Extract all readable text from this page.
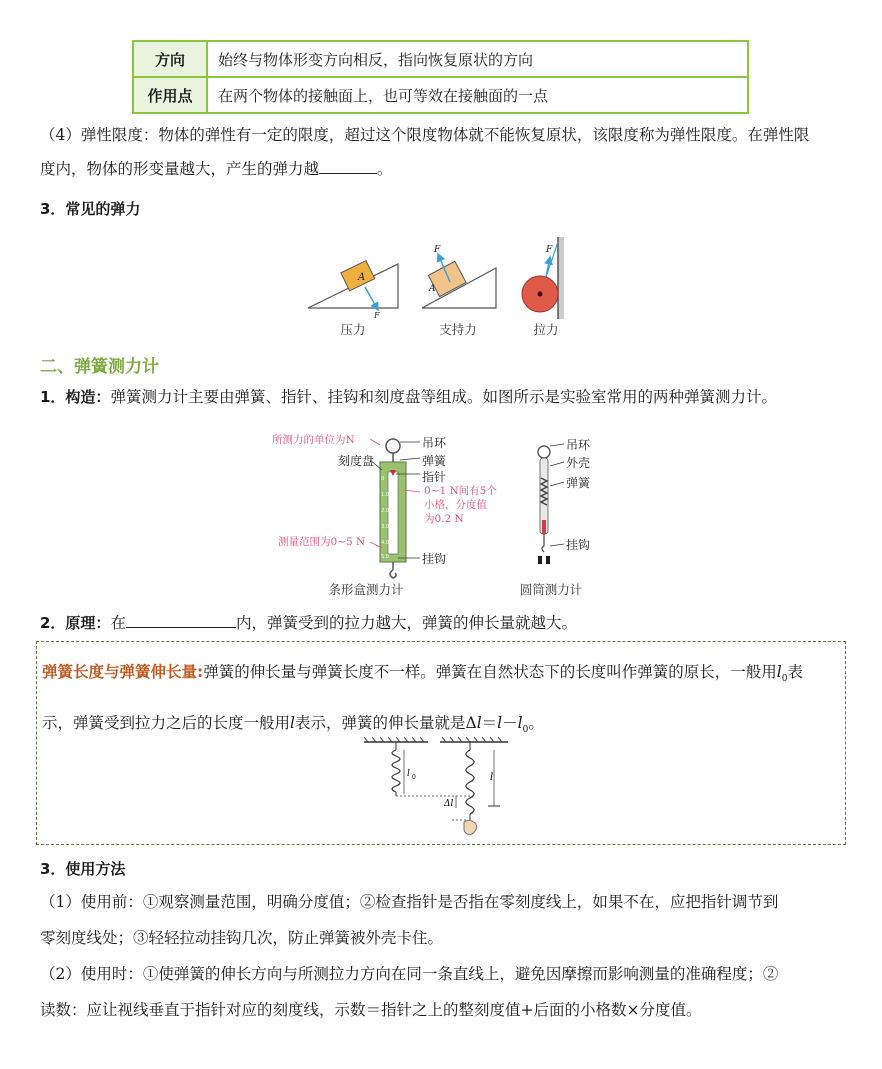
方向	始终与物体形变方向相反，指向恢复原状的方向
作用点	在两个物体的接触面上，也可等效在接触面的一点
（4）弹性限度：物体的弹性有一定的限度，超过这个限度物体就不能恢复原状，该限度称为弹性限度。在弹性限
度内，物体的形变量越大，产生的弹力越	。
3．常见的弹力
A
F
F
A
F
压力	支持力	拉力
二、弹簧测力计
1．构造：弹簧测力计主要由弹簧、指针、挂钩和刻度盘等组成。如图所示是实验室常用的两种弹簧测力计。
0
1.0
2.0
3.0
4.0
5.0
所测力的单位为N
刻度盘
吊环
弹簧
指针
0~1 N间有5个
小格，分度值
为0.2 N
测量范围为0~5 N
挂钩
条形盒测力计
吊环
外壳
弹簧
挂钩
圆筒测力计
2．原理：在	内，弹簧受到的拉力越大，弹簧的伸长量就越大。
弹簧长度与弹簧伸长量:弹簧的伸长量与弹簧长度不一样。弹簧在自然状态下的长度叫作弹簧的原长，一般用$l_0$表
示，弹簧受到拉力之后的长度一般用l表示，弹簧的伸长量就是$\Delta l=l-l_0$。
l 0	l
Δl
3．使用方法
（1）使用前：①观察测量范围，明确分度值；②检查指针是否指在零刻度线上，如果不在，应把指针调节到
零刻度线处；③轻轻拉动挂钩几次，防止弹簧被外壳卡住。
（2）使用时：①使弹簧的伸长方向与所测拉力方向在同一条直线上，避免因摩擦而影响测量的准确程度；②
读数：应让视线垂直于指针对应的刻度线，示数＝指针之上的整刻度值+后面的小格数×分度值。
